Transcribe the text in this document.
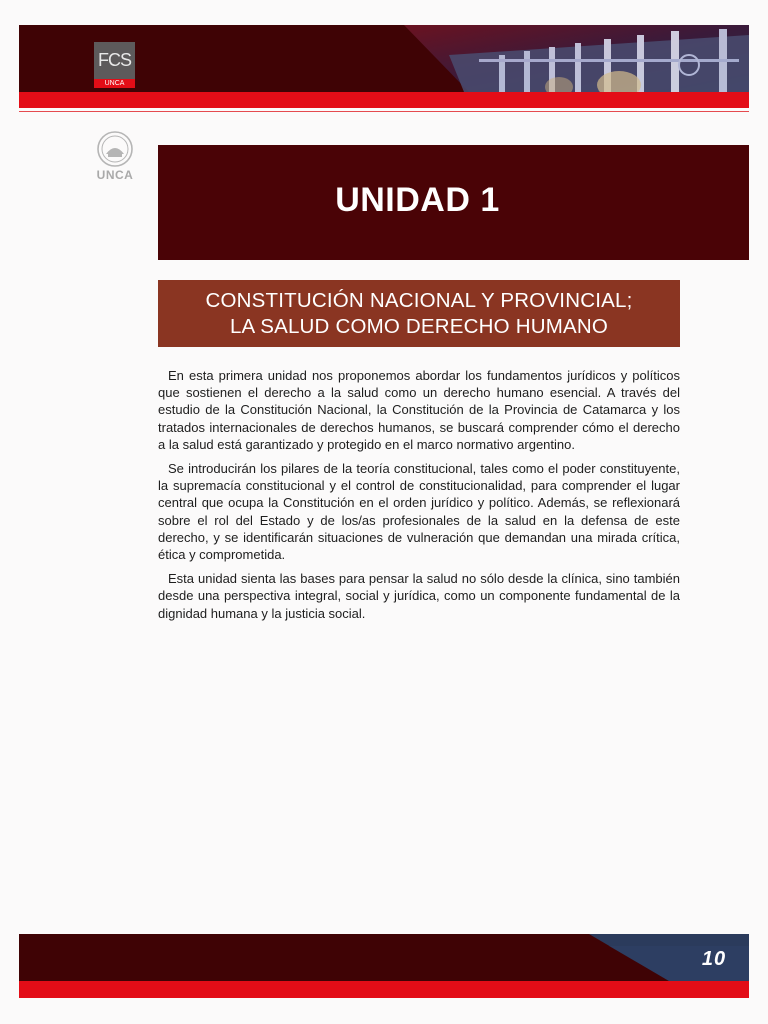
FCS
UNCA
UNCA
UNIDAD 1
CONSTITUCIÓN NACIONAL Y PROVINCIAL;
LA SALUD COMO DERECHO HUMANO

En esta primera unidad nos proponemos abordar los fundamentos jurídicos y políticos que sostienen el derecho a la salud como un derecho humano esencial. A través del estudio de la Constitución Nacional, la Constitución de la Provincia de Catamarca y los tratados internacionales de derechos humanos, se buscará comprender cómo el derecho a la salud está garantizado y protegido en el marco normativo argentino.

Se introducirán los pilares de la teoría constitucional, tales como el poder constituyente, la supremacía constitucional y el control de constitucionalidad, para comprender el lugar central que ocupa la Constitución en el orden jurídico y político. Además, se reflexionará sobre el rol del Estado y de los/as profesionales de la salud en la defensa de este derecho, y se identificarán situaciones de vulneración que demandan una mirada crítica, ética y comprometida.

Esta unidad sienta las bases para pensar la salud no sólo desde la clínica, sino también desde una perspectiva integral, social y jurídica, como un componente fundamental de la dignidad humana y la justicia social.

10
